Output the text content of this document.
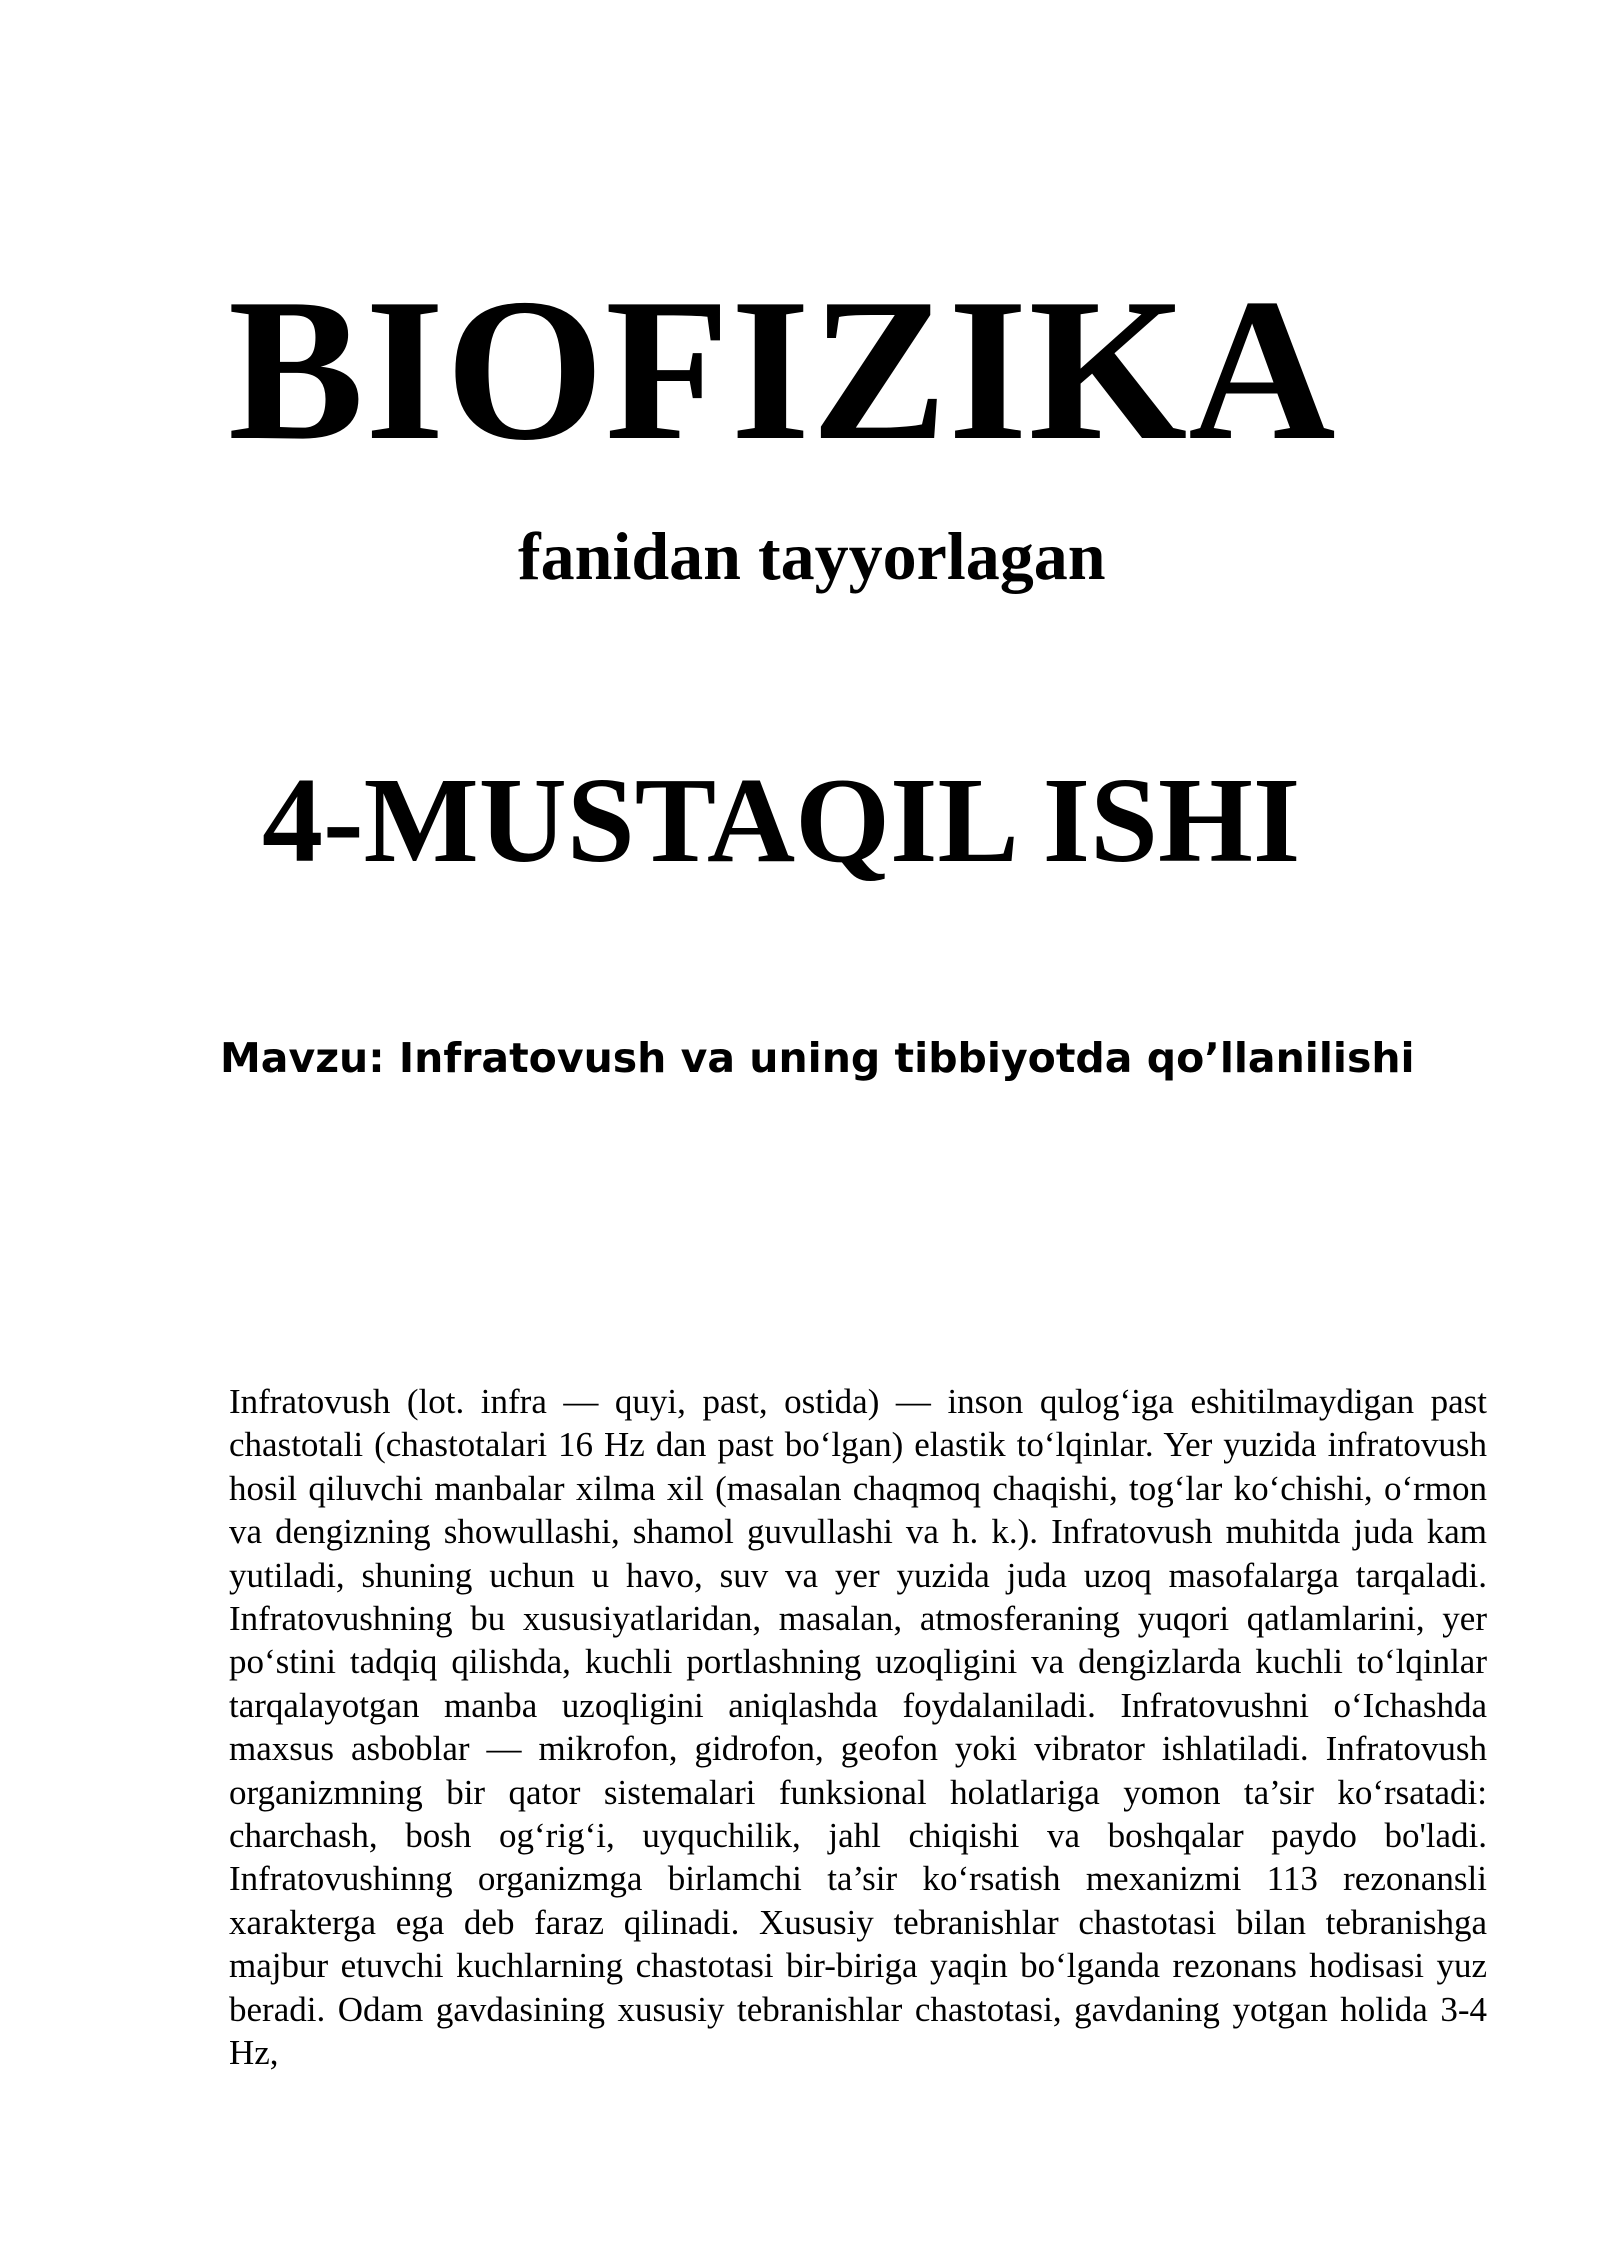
BIOFIZIKA
fanidan tayyorlagan
4-MUSTAQIL ISHI
Mavzu: Infratovush va uning tibbiyotda qo’llanilishi

Infratovush (lot. infra — quyi, past, ostida) — inson qulog‘iga eshitilmaydigan past chastotali (chastotalari 16 Hz dan past bo‘lgan) elastik to‘lqinlar. Yer yuzida infratovush hosil qiluvchi manbalar xilma xil (masalan chaqmoq chaqishi, tog‘lar ko‘chishi, o‘rmon va dengizning showullashi, shamol guvullashi va h. k.). Infratovush muhitda juda kam yutiladi, shuning uchun u havo, suv va yer yuzida juda uzoq masofalarga tarqaladi. Infratovushning bu xususiyatlaridan, masalan, atmosferaning yuqori qatlamlarini, yer po‘stini tadqiq qilishda, kuchli portlashning uzoqligini va dengizlarda kuchli to‘lqinlar tarqalayotgan manba uzoqligini aniqlashda foydalaniladi. Infratovushni o‘Ichashda maxsus asboblar — mikrofon, gidrofon, geofon yoki vibrator ishlatiladi. Infratovush organizmning bir qator sistemalari funksional holatlariga yomon ta’sir ko‘rsatadi: charchash, bosh og‘rig‘i, uyquchilik, jahl chiqishi va boshqalar paydo bo'ladi. Infratovushinng organizmga birlamchi ta’sir ko‘rsatish mexanizmi 113 rezonansli xarakterga ega deb faraz qilinadi. Xususiy tebranishlar chastotasi bilan tebranishga majbur etuvchi kuchlarning chastotasi bir-biriga yaqin bo‘lganda rezonans hodisasi yuz beradi. Odam gavdasining xususiy tebranishlar chastotasi, gavdaning yotgan holida 3-4 Hz,
